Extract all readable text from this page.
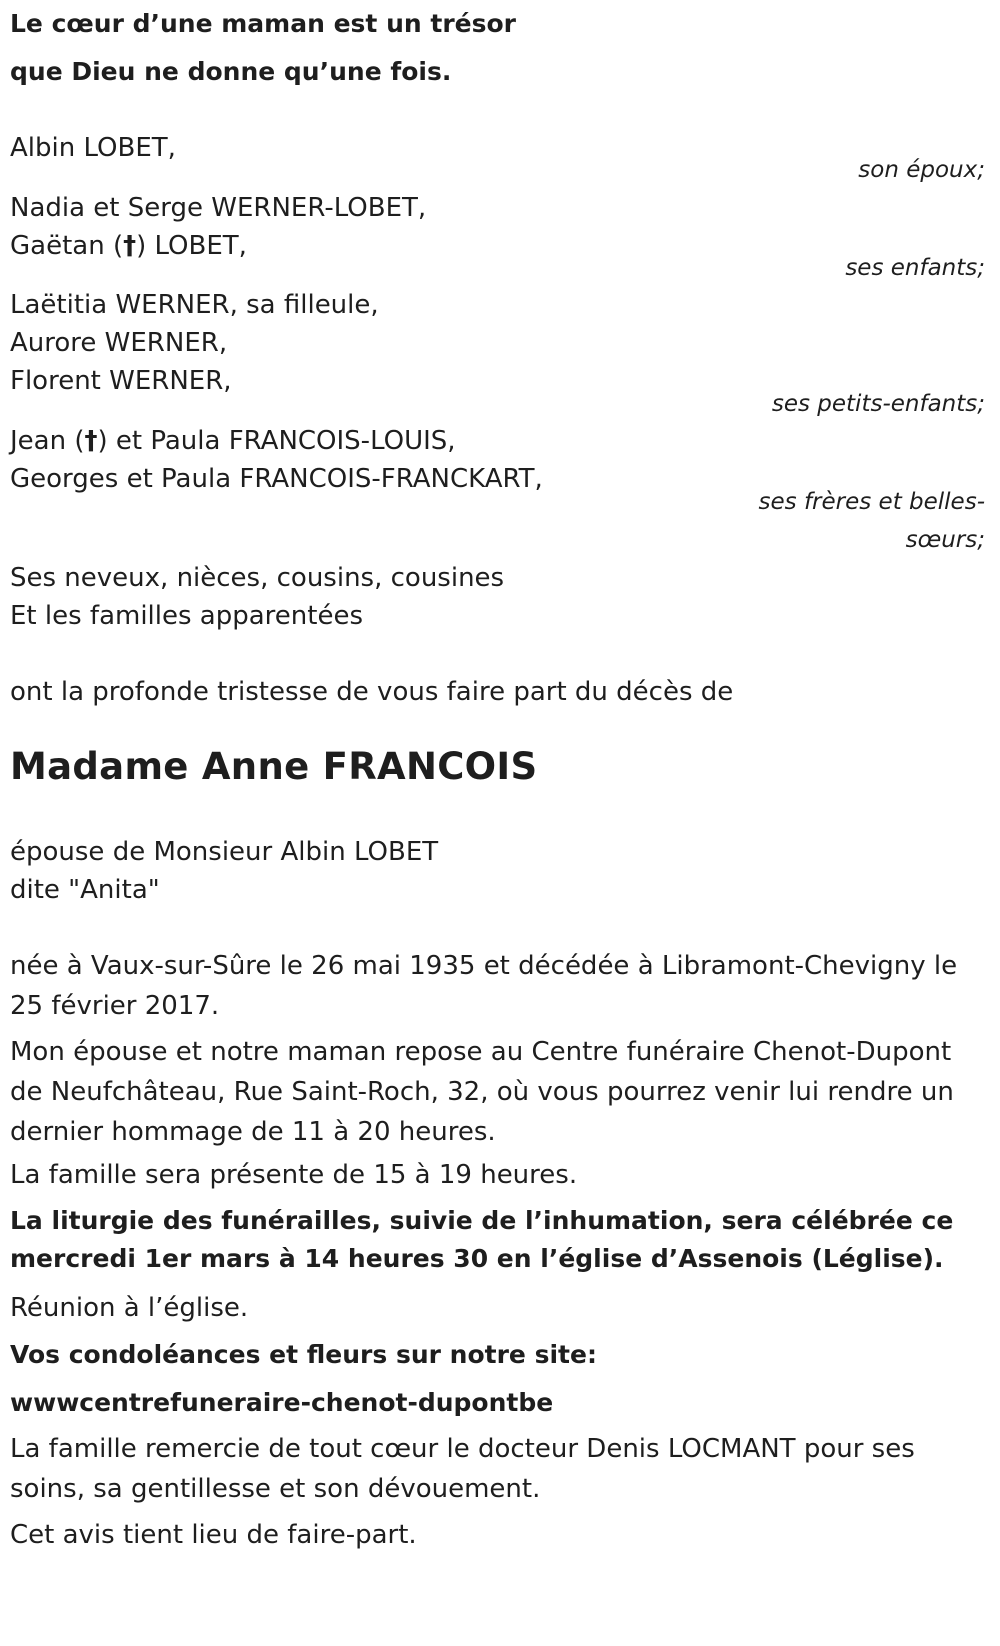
Le cœur d’une maman est un trésor
que Dieu ne donne qu’une fois.
Albin LOBET,
son époux;
Nadia et Serge WERNER-LOBET,
Gaëtan (†) LOBET,
ses enfants;
Laëtitia WERNER, sa filleule,
Aurore WERNER,
Florent WERNER,
ses petits-enfants;
Jean (†) et Paula FRANCOIS-LOUIS,
Georges et Paula FRANCOIS-FRANCKART,
ses frères et belles-
sœurs;
Ses neveux, nièces, cousins, cousines
Et les familles apparentées
ont la profonde tristesse de vous faire part du décès de
Madame Anne FRANCOIS
épouse de Monsieur Albin LOBET
dite "Anita"
née à Vaux-sur-Sûre le 26 mai 1935 et décédée à Libramont-Chevigny le 25 février 2017.
Mon épouse et notre maman repose au Centre funéraire Chenot-Dupont de Neufchâteau, Rue Saint-Roch, 32, où vous pourrez venir lui rendre un dernier hommage de 11 à 20 heures.
La famille sera présente de 15 à 19 heures.
La liturgie des funérailles, suivie de l’inhumation, sera célébrée ce mercredi 1er mars à 14 heures 30 en l’église d’Assenois (Léglise).
Réunion à l’église.
Vos condoléances et fleurs sur notre site:
wwwcentrefuneraire-chenot-dupontbe
La famille remercie de tout cœur le docteur Denis LOCMANT pour ses soins, sa gentillesse et son dévouement.
Cet avis tient lieu de faire-part.
